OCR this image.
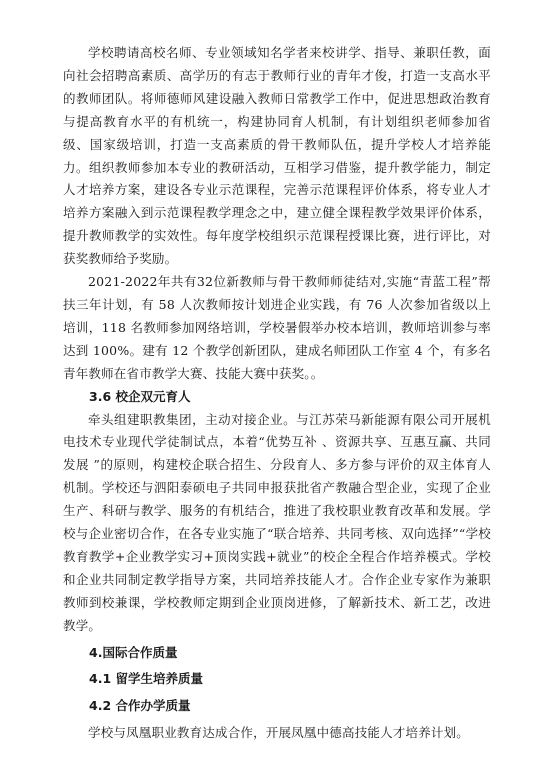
学校聘请高校名师、专业领域知名学者来校讲学、指导、兼职任教，面向社会招聘高素质、高学历的有志于教师行业的青年才俊，打造一支高水平的教师团队。将师德师风建设融入教师日常教学工作中，促进思想政治教育与提高教育水平的有机统一，构建协同育人机制，有计划组织老师参加省级、国家级培训，打造一支高素质的骨干教师队伍，提升学校人才培养能力。组织教师参加本专业的教研活动，互相学习借鉴，提升教学能力，制定人才培养方案，建设各专业示范课程，完善示范课程评价体系，将专业人才培养方案融入到示范课程教学理念之中，建立健全课程教学效果评价体系，提升教师教学的实效性。每年度学校组织示范课程授课比赛，进行评比，对获奖教师给予奖励。

2021-2022年共有32位新教师与骨干教师师徒结对,实施“青蓝工程”帮扶三年计划，有 58 人次教师按计划进企业实践，有 76 人次参加省级以上培训，118 名教师参加网络培训，学校暑假举办校本培训，教师培训参与率达到 100%。建有 12 个教学创新团队，建成名师团队工作室 4 个，有多名青年教师在省市教学大赛、技能大赛中获奖。。

3.6 校企双元育人

牵头组建职教集团，主动对接企业。与江苏荣马新能源有限公司开展机电技术专业现代学徒制试点，本着“优势互补 、资源共享、互惠互赢、共同发展 ”的原则，构建校企联合招生、分段育人、多方参与评价的双主体育人机制。学校还与泗阳泰硕电子共同申报获批省产教融合型企业，实现了企业生产、科研与教学、服务的有机结合，推进了我校职业教育改革和发展。学校与企业密切合作，在各专业实施了“联合培养、共同考核、双向选择”“学校教育教学+企业教学实习+顶岗实践+就业”的校企全程合作培养模式。学校和企业共同制定教学指导方案，共同培养技能人才。合作企业专家作为兼职教师到校兼课，学校教师定期到企业顶岗进修，了解新技术、新工艺，改进教学。

4.国际合作质量

4.1 留学生培养质量

4.2 合作办学质量

学校与凤凰职业教育达成合作，开展凤凰中德高技能人才培养计划。
